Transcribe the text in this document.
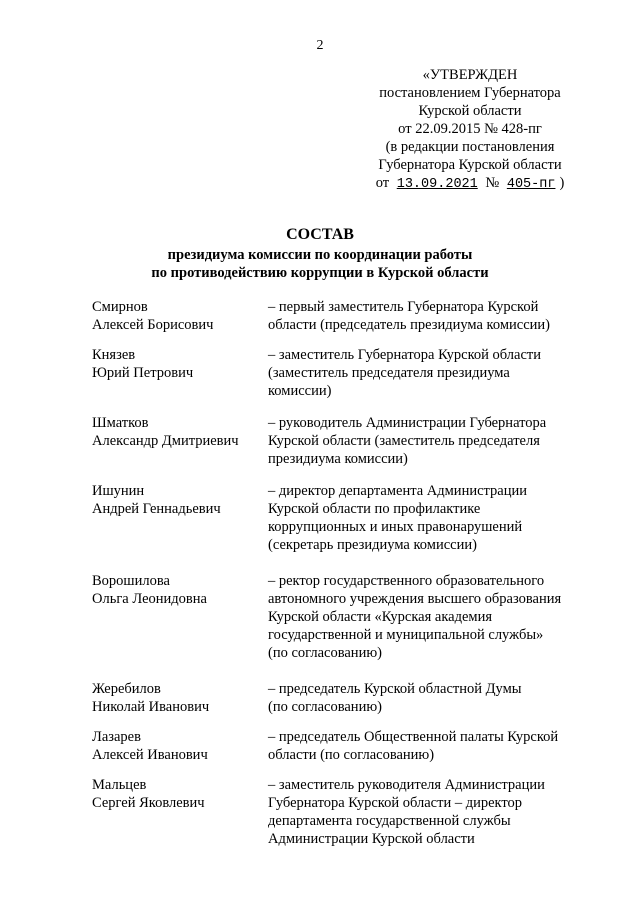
2
«УТВЕРЖДЕН
постановлением Губернатора
Курской области
от 22.09.2015 № 428-пг
(в редакции постановления
Губернатора Курской области
от 13.09.2021 № 405-пг )
СОСТАВ
президиума комиссии по координации работы
по противодействию коррупции в Курской области
Смирнов
Алексей Борисович
– первый заместитель Губернатора Курской
области (председатель президиума комиссии)
Князев
Юрий Петрович
– заместитель Губернатора Курской области
(заместитель председателя президиума
комиссии)
Шматков
Александр Дмитриевич
– руководитель Администрации Губернатора
Курской области (заместитель председателя
президиума комиссии)
Ишунин
Андрей Геннадьевич
– директор департамента Администрации
Курской области по профилактике
коррупционных и иных правонарушений
(секретарь президиума комиссии)
Ворошилова
Ольга Леонидовна
– ректор государственного образовательного
автономного учреждения высшего образования
Курской области «Курская академия
государственной и муниципальной службы»
(по согласованию)
Жеребилов
Николай Иванович
– председатель Курской областной Думы
(по согласованию)
Лазарев
Алексей Иванович
– председатель Общественной палаты Курской
области (по согласованию)
Мальцев
Сергей Яковлевич
– заместитель руководителя Администрации
Губернатора Курской области – директор
департамента государственной службы
Администрации Курской области
